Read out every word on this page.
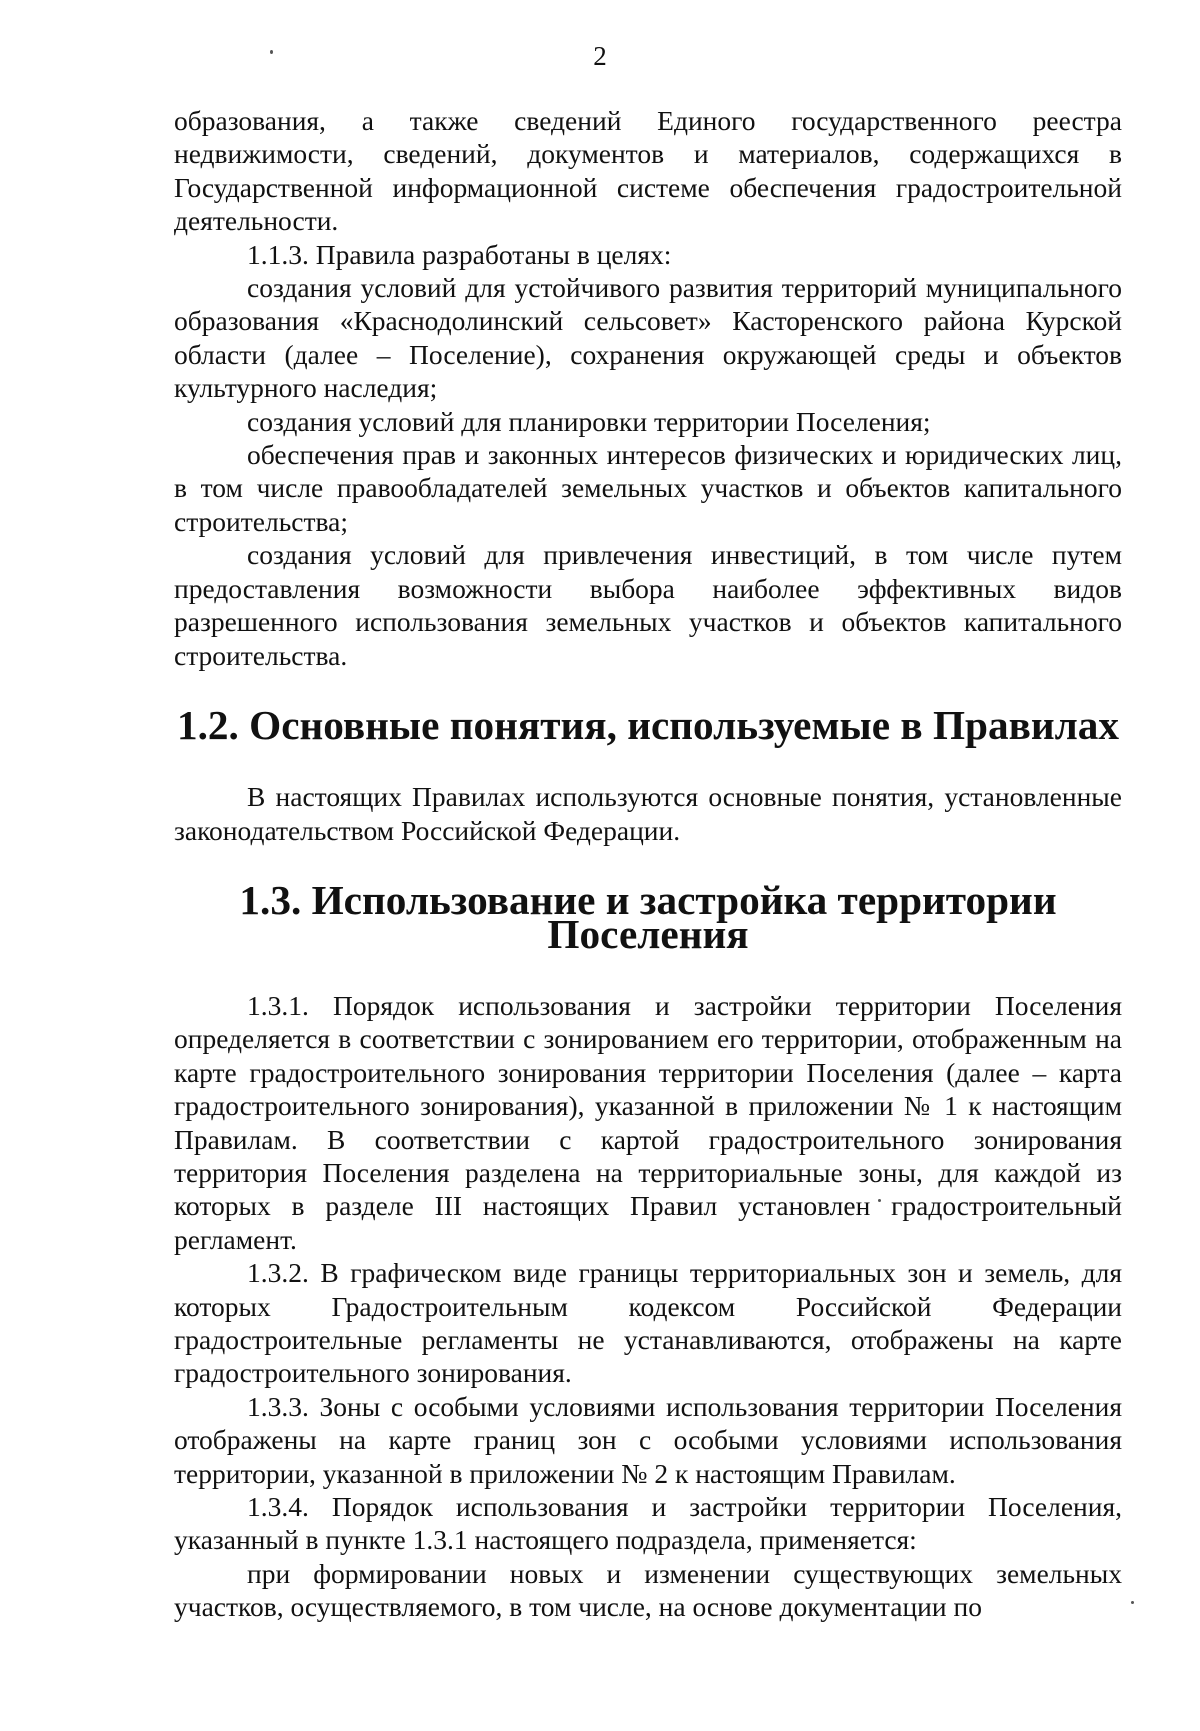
2

образования, а также сведений Единого государственного реестра недвижимости, сведений, документов и материалов, содержащихся в Государственной информационной системе обеспечения градостроительной деятельности.

1.1.3. Правила разработаны в целях:

создания условий для устойчивого развития территорий муниципального образования «Краснодолинский сельсовет» Касторенского района Курской области (далее – Поселение), сохранения окружающей среды и объектов культурного наследия;

создания условий для планировки территории Поселения;

обеспечения прав и законных интересов физических и юридических лиц, в том числе правообладателей земельных участков и объектов капитального строительства;

создания условий для привлечения инвестиций, в том числе путем предоставления возможности выбора наиболее эффективных видов разрешенного использования земельных участков и объектов капитального строительства.

1.2. Основные понятия, используемые в Правилах

В настоящих Правилах используются основные понятия, установленные законодательством Российской Федерации.

1.3. Использование и застройка территории Поселения

1.3.1. Порядок использования и застройки территории Поселения определяется в соответствии с зонированием его территории, отображенным на карте градостроительного зонирования территории Поселения (далее – карта градостроительного зонирования), указанной в приложении № 1 к настоящим Правилам. В соответствии с картой градостроительного зонирования территория Поселения разделена на территориальные зоны, для каждой из которых в разделе III настоящих Правил установлен градостроительный регламент.

1.3.2. В графическом виде границы территориальных зон и земель, для которых Градостроительным кодексом Российской Федерации градостроительные регламенты не устанавливаются, отображены на карте градостроительного зонирования.

1.3.3. Зоны с особыми условиями использования территории Поселения отображены на карте границ зон с особыми условиями использования территории, указанной в приложении № 2 к настоящим Правилам.

1.3.4. Порядок использования и застройки территории Поселения, указанный в пункте 1.3.1 настоящего подраздела, применяется:

при формировании новых и изменении существующих земельных участков, осуществляемого, в том числе, на основе документации по
